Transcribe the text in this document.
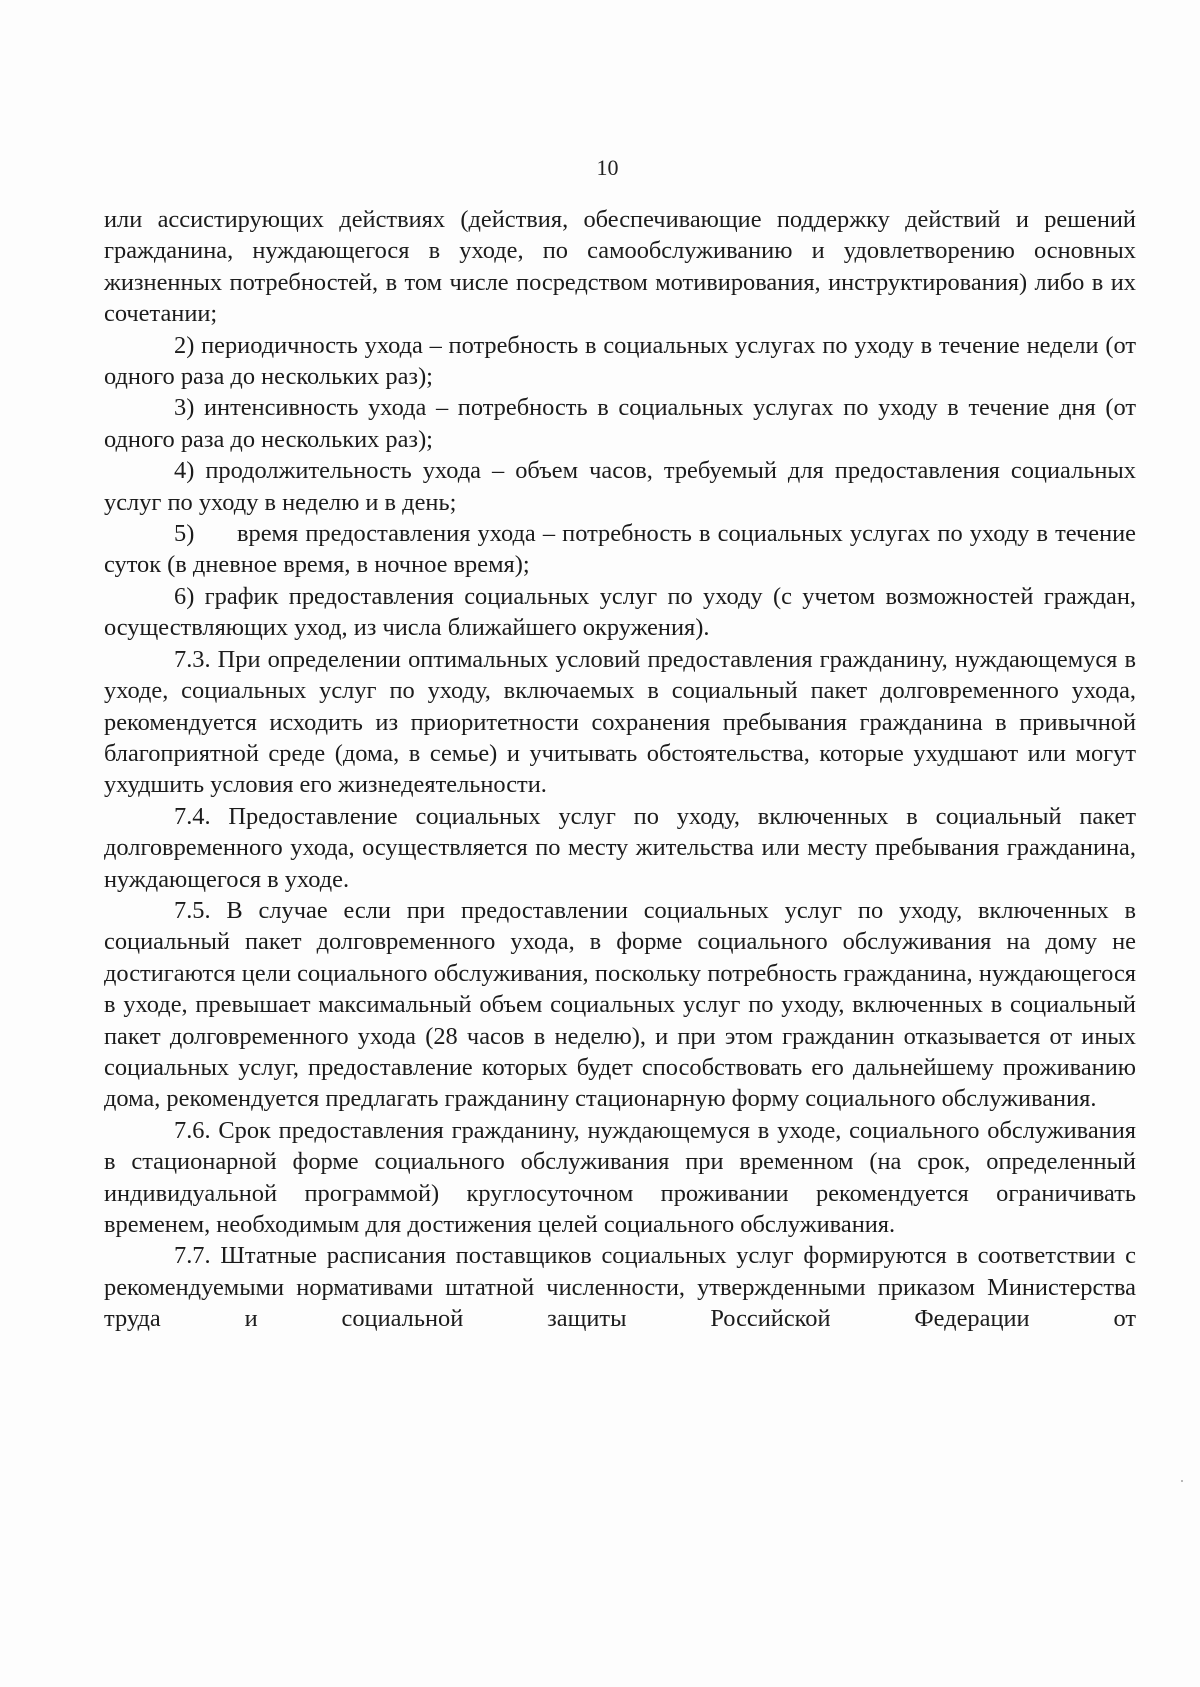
10

или ассистирующих действиях (действия, обеспечивающие поддержку действий и решений гражданина, нуждающегося в уходе, по самообслуживанию и удовлетворению основных жизненных потребностей, в том числе посредством мотивирования, инструктирования) либо в их сочетании;

2) периодичность ухода – потребность в социальных услугах по уходу в течение недели (от одного раза до нескольких раз);

3) интенсивность ухода – потребность в социальных услугах по уходу в течение дня (от одного раза до нескольких раз);

4) продолжительность ухода – объем часов, требуемый для предоставления социальных услуг по уходу в неделю и в день;

5)      время предоставления ухода – потребность в социальных услугах по уходу в течение суток (в дневное время, в ночное время);

6) график предоставления социальных услуг по уходу (с учетом возможностей граждан, осуществляющих уход, из числа ближайшего окружения).

7.3. При определении оптимальных условий предоставления гражданину, нуждающемуся в уходе, социальных услуг по уходу, включаемых в социальный пакет долговременного ухода, рекомендуется исходить из приоритетности сохранения пребывания гражданина в привычной благоприятной среде (дома, в семье) и учитывать обстоятельства, которые ухудшают или могут ухудшить условия его жизнедеятельности.

7.4. Предоставление социальных услуг по уходу, включенных в социальный пакет долговременного ухода, осуществляется по месту жительства или месту пребывания гражданина, нуждающегося в уходе.

7.5. В случае если при предоставлении социальных услуг по уходу, включенных в социальный пакет долговременного ухода, в форме социального обслуживания на дому не достигаются цели социального обслуживания, поскольку потребность гражданина, нуждающегося в уходе, превышает максимальный объем социальных услуг по уходу, включенных в социальный пакет долговременного ухода (28 часов в неделю), и при этом гражданин отказывается от иных социальных услуг, предоставление которых будет способствовать его дальнейшему проживанию дома, рекомендуется предлагать гражданину стационарную форму социального обслуживания.

7.6. Срок предоставления гражданину, нуждающемуся в уходе, социального обслуживания в стационарной форме социального обслуживания при временном (на срок, определенный индивидуальной программой) круглосуточном проживании рекомендуется ограничивать временем, необходимым для достижения целей социального обслуживания.

7.7. Штатные расписания поставщиков социальных услуг формируются в соответствии с рекомендуемыми нормативами штатной численности, утвержденными приказом Министерства труда и социальной защиты Российской Федерации от
